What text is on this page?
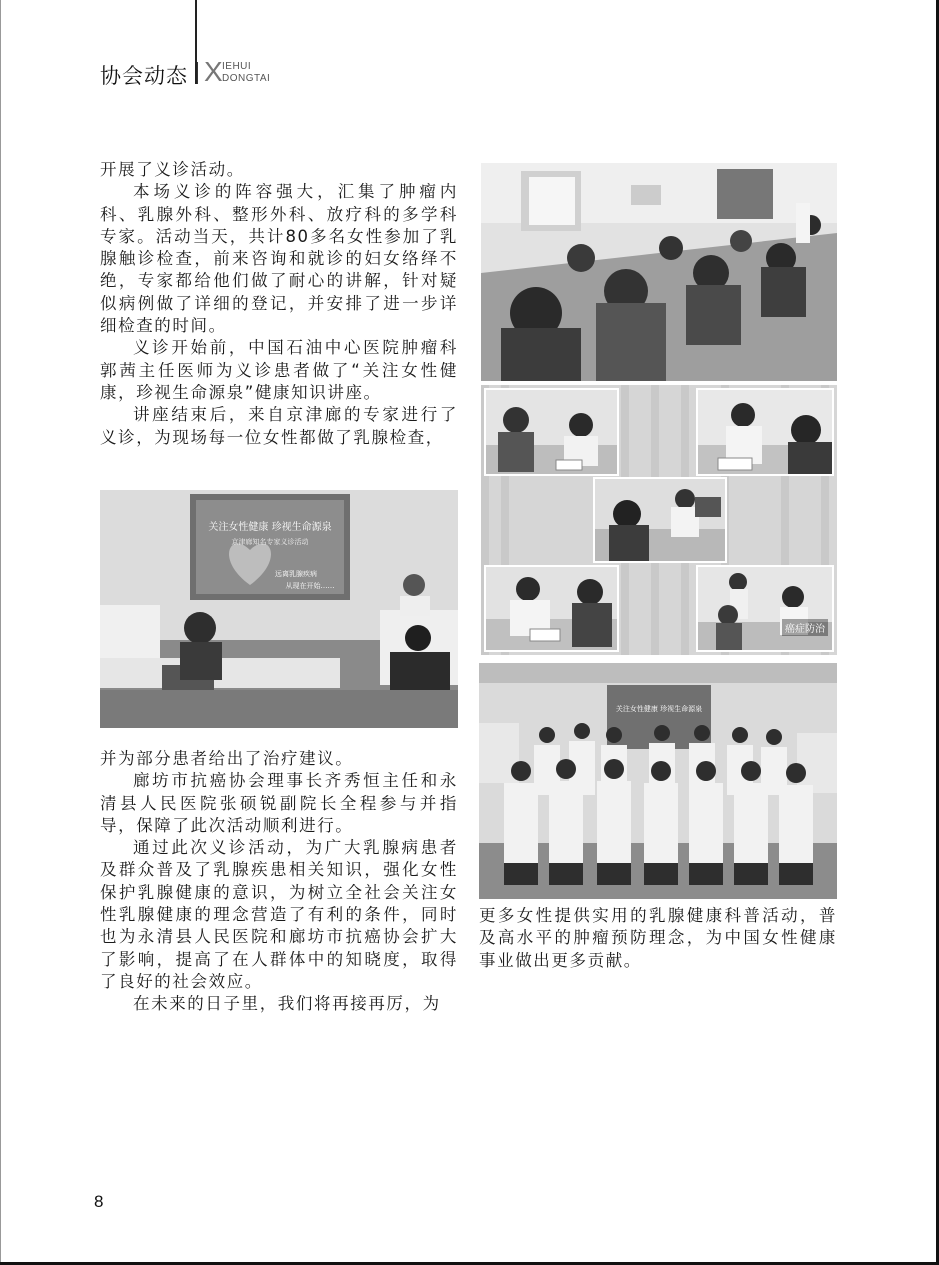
协会动态 X IEHUI
DONGTAI

开展了义诊活动。

本场义诊的阵容强大，汇集了肿瘤内科、乳腺外科、整形外科、放疗科的多学科专家。活动当天，共计80多名女性参加了乳腺触诊检查，前来咨询和就诊的妇女络绎不绝，专家都给他们做了耐心的讲解，针对疑似病例做了详细的登记，并安排了进一步详细检查的时间。

义诊开始前，中国石油中心医院肿瘤科郭茜主任医师为义诊患者做了“关注女性健康，珍视生命源泉”健康知识讲座。

讲座结束后，来自京津廊的专家进行了义诊，为现场每一位女性都做了乳腺检查，

关注女性健康 珍视生命源泉
京津廊知名专家义诊活动
远离乳腺疾病
从现在开始……

并为部分患者给出了治疗建议。

廊坊市抗癌协会理事长齐秀恒主任和永清县人民医院张硕锐副院长全程参与并指导，保障了此次活动顺利进行。

通过此次义诊活动，为广大乳腺病患者及群众普及了乳腺疾患相关知识，强化女性保护乳腺健康的意识，为树立全社会关注女性乳腺健康的理念营造了有利的条件，同时也为永清县人民医院和廊坊市抗癌协会扩大了影响，提高了在人群体中的知晓度，取得了良好的社会效应。

在未来的日子里，我们将再接再厉，为

癌症防治
关注女性健康 珍视生命源泉

更多女性提供实用的乳腺健康科普活动，普及高水平的肿瘤预防理念，为中国女性健康事业做出更多贡献。

8
